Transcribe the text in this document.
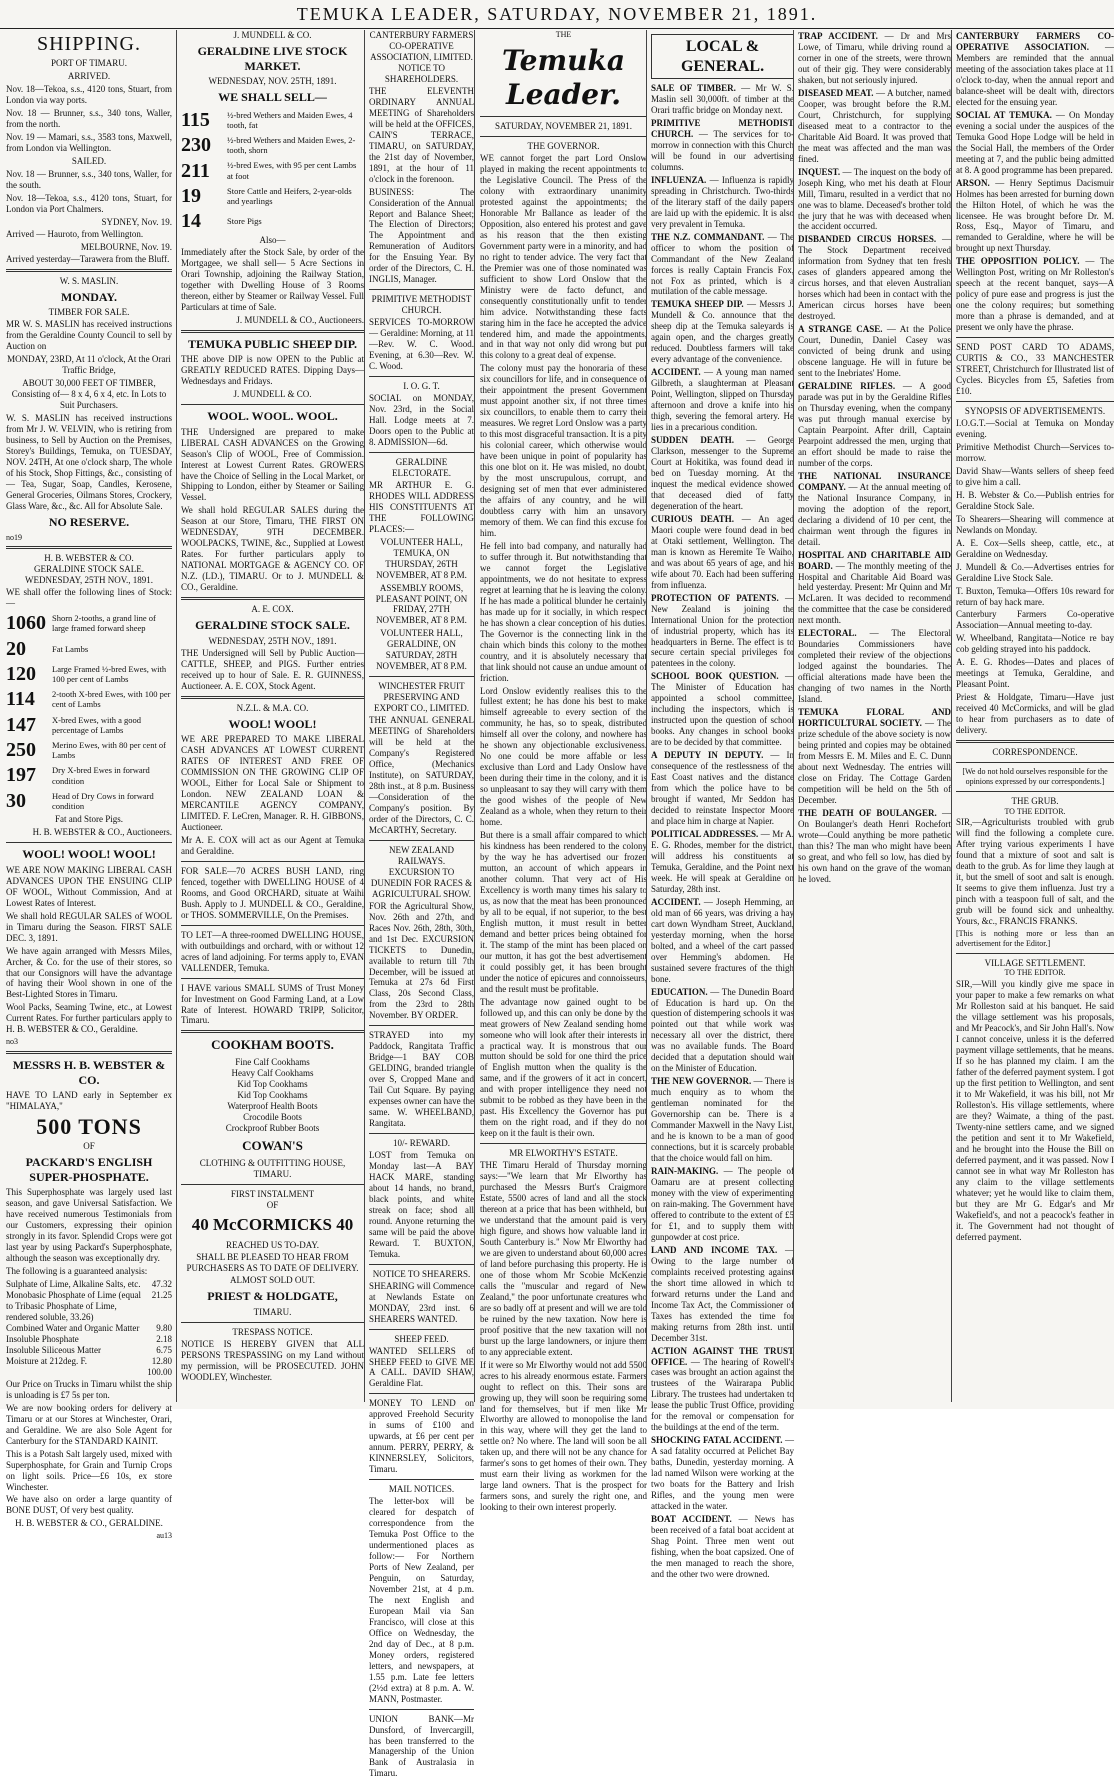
TEMUKA LEADER, SATURDAY, NOVEMBER 21, 1891.
SHIPPING.
PORT OF TIMARU.
ARRIVED.

Nov. 18—Tekoa, s.s., 4120 tons, Stuart, from London via way ports.

Nov. 18 — Brunner, s.s., 340 tons, Waller, from the north.

Nov. 19 — Mamari, s.s., 3583 tons, Maxwell, from London via Wellington.

SAILED.

Nov. 18 — Brunner, s.s., 340 tons, Waller, for the south.

Nov. 18—Tekoa, s.s., 4120 tons, Stuart, for London via Port Chalmers.

SYDNEY, Nov. 19.

Arrived — Hauroto, from Wellington.

MELBOURNE, Nov. 19.

Arrived yesterday—Tarawera from the Bluff.

W. S. MASLIN.
MONDAY.
TIMBER FOR SALE.

MR W. S. MASLIN has received instructions from the Geraldine County Council to sell by Auction on

MONDAY, 23RD, At 11 o'clock, At the Orari Traffic Bridge,

ABOUT 30,000 FEET OF TIMBER, Consisting of— 8 x 4, 6 x 4, etc. In Lots to Suit Purchasers.

W. S. MASLIN has received instructions from Mr J. W. VELVIN, who is retiring from business, to Sell by Auction on the Premises, Storey's Buildings, Temuka, on TUESDAY, NOV. 24TH, At one o'clock sharp, The whole of his Stock, Shop Fittings, &c., consisting of— Tea, Sugar, Soap, Candles, Kerosene, General Groceries, Oilmans Stores, Crockery, Glass Ware, &c., &c. All for Absolute Sale.

NO RESERVE.
no19
H. B. WEBSTER & CO.
GERALDINE STOCK SALE.
WEDNESDAY, 25TH NOV., 1891.

WE shall offer the following lines of Stock:—

1060 Shorn 2-tooths, a grand line of large framed forward sheep
20	Fat Lambs
120	Large Framed ½-bred Ewes, with 100 per cent of Lambs
114	2-tooth X-bred Ewes, with 100 per cent of Lambs
147	X-bred Ewes, with a good percentage of Lambs
250	Merino Ewes, with 80 per cent of Lambs
197	Dry X-bred Ewes in forward condition
30	Head of Dry Cows in forward condition

Fat and Store Pigs.

H. B. WEBSTER & CO., Auctioneers.

WOOL! WOOL! WOOL!

WE ARE NOW MAKING LIBERAL CASH ADVANCES UPON THE ENSUING CLIP OF WOOL, Without Commission, And at Lowest Rates of Interest.

We shall hold REGULAR SALES of WOOL in Timaru during the Season. FIRST SALE DEC. 3, 1891.

We have again arranged with Messrs Miles, Archer, & Co. for the use of their stores, so that our Consignors will have the advantage of having their Wool shown in one of the Best-Lighted Stores in Timaru.

Wool Packs, Seaming Twine, etc., at Lowest Current Rates. For further particulars apply to H. B. WEBSTER & CO., Geraldine.

no3
MESSRS H. B. WEBSTER & CO.

HAVE TO LAND early in September ex "HIMALAYA,"

500 TONS
OF
PACKARD'S ENGLISH SUPER-PHOSPHATE.

This Superphosphate was largely used last season, and gave Universal Satisfaction. We have received numerous Testimonials from our Customers, expressing their opinion strongly in its favor. Splendid Crops were got last year by using Packard's Superphosphate, although the season was exceptionally dry.

The following is a guaranteed analysis:

Sulphate of Lime, Alkaline Salts, etc. 47.32
Monobasic Phosphate of Lime (equal to Tribasic Phosphate of Lime, rendered soluble, 33.26)
21.25
Combined Water and Organic Matter 9.80
Insoluble Phosphate	2.18
Insoluble Siliceous Matter	6.75
Moisture at 212deg. F.	12.80
100.00

Our Price on Trucks in Timaru whilst the ship is unloading is £7 5s per ton.

We are now booking orders for delivery at Timaru or at our Stores at Winchester, Orari, and Geraldine. We are also Sole Agent for Canterbury for the STANDARD KAINIT.

This is a Potash Salt largely used, mixed with Superphosphate, for Grain and Turnip Crops on light soils. Price—£6 10s, ex store Winchester.

We have also on order a large quantity of BONE DUST, Of very best quality.

H. B. WEBSTER & CO., GERALDINE.

au13
J. MUNDELL & CO.
GERALDINE LIVE STOCK MARKET.
WEDNESDAY, NOV. 25TH, 1891.
WE SHALL SELL—
115	½-bred Wethers and Maiden Ewes, 4 tooth, fat
230	½-bred Wethers and Maiden Ewes, 2-tooth, shorn
211	½-bred Ewes, with 95 per cent Lambs at foot
19	Store Cattle and Heifers, 2-year-olds and yearlings
14	Store Pigs
Also—

Immediately after the Stock Sale, by order of the Mortgagee, we shall sell— 5 Acre Sections in Orari Township, adjoining the Railway Station, together with Dwelling House of 3 Rooms thereon, either by Steamer or Railway Vessel. Full Particulars at time of Sale.

J. MUNDELL & CO., Auctioneers.

TEMUKA PUBLIC SHEEP DIP.

THE above DIP is now OPEN to the Public at GREATLY REDUCED RATES. Dipping Days—Wednesdays and Fridays.

J. MUNDELL & CO.

WOOL. WOOL. WOOL.

THE Undersigned are prepared to make LIBERAL CASH ADVANCES on the Growing Season's Clip of WOOL, Free of Commission. Interest at Lowest Current Rates. GROWERS have the Choice of Selling in the Local Market, or Shipping to London, either by Steamer or Sailing Vessel.

We shall hold REGULAR SALES during the Season at our Store, Timaru, THE FIRST ON WEDNESDAY, 9TH DECEMBER. WOOLPACKS, TWINE, &c., Supplied at Lowest Rates. For further particulars apply to NATIONAL MORTGAGE & AGENCY CO. OF N.Z. (LD.), TIMARU. Or to J. MUNDELL & CO., Geraldine.

A. E. COX.
GERALDINE STOCK SALE.
WEDNESDAY, 25TH NOV., 1891.

THE Undersigned will Sell by Public Auction— CATTLE, SHEEP, and PIGS. Further entries received up to hour of Sale. E. R. GUINNESS, Auctioneer. A. E. COX, Stock Agent.

N.Z.L. & M.A. CO.
WOOL! WOOL!

WE ARE PREPARED TO MAKE LIBERAL CASH ADVANCES AT LOWEST CURRENT RATES OF INTEREST AND FREE OF COMMISSION ON THE GROWING CLIP OF WOOL, Either for Local Sale or Shipment to London. NEW ZEALAND LOAN & MERCANTILE AGENCY COMPANY, LIMITED. F. LeCren, Manager. R. H. GIBBONS, Auctioneer.

Mr A. E. COX will act as our Agent at Temuka and Geraldine.

FOR SALE—70 ACRES BUSH LAND, ring fenced, together with DWELLING HOUSE of 4 Rooms, and Good ORCHARD, situate at Waihi Bush. Apply to J. MUNDELL & CO., Geraldine, or THOS. SOMMERVILLE, On the Premises.

TO LET—A three-roomed DWELLING HOUSE, with outbuildings and orchard, with or without 12 acres of land adjoining. For terms apply to, EVAN VALLENDER, Temuka.

I HAVE various SMALL SUMS of Trust Money for Investment on Good Farming Land, at a Low Rate of Interest. HOWARD TRIPP, Solicitor, Timaru.

COOKHAM BOOTS.
Fine Calf Cookhams
Heavy Calf Cookhams
Kid Top Cookhams
Kid Top Cookhams
Waterproof Health Boots
Crocodile Boots
Crockproof Rubber Boots
COWAN'S
CLOTHING & OUTFITTING HOUSE, TIMARU.
FIRST INSTALMENT
OF
40 McCORMICKS 40
REACHED US TO-DAY.

SHALL BE PLEASED TO HEAR FROM PURCHASERS AS TO DATE OF DELIVERY.

ALMOST SOLD OUT.
PRIEST & HOLDGATE,
TIMARU.
TRESPASS NOTICE.

NOTICE IS HEREBY GIVEN that ALL PERSONS TRESPASSING on my Land without my permission, will be PROSECUTED. JOHN WOODLEY, Winchester.

CANTERBURY FARMERS CO-OPERATIVE ASSOCIATION, LIMITED.
NOTICE TO SHAREHOLDERS.

THE ELEVENTH ORDINARY ANNUAL MEETING of Shareholders will be held at the OFFICES, CAIN'S TERRACE, TIMARU, on SATURDAY, the 21st day of November, 1891, at the hour of 11 o'clock in the forenoon.

BUSINESS: The Consideration of the Annual Report and Balance Sheet; The Election of Directors; The Appointment and Remuneration of Auditors for the Ensuing Year. By order of the Directors, C. H. INGLIS, Manager.

PRIMITIVE METHODIST CHURCH.

SERVICES TO-MORROW— Geraldine: Morning, at 11—Rev. W. C. Wood. Evening, at 6.30—Rev. W. C. Wood.

I. O. G. T.

SOCIAL on MONDAY, Nov. 23rd, in the Social Hall. Lodge meets at 7. Doors open to the Public at 8. ADMISSION—6d.

GERALDINE ELECTORATE.

MR ARTHUR E. G. RHODES WILL ADDRESS HIS CONSTITUENTS AT THE FOLLOWING PLACES:—

VOLUNTEER HALL, TEMUKA, ON THURSDAY, 26TH NOVEMBER, AT 8 P.M.

ASSEMBLY ROOMS, PLEASANT POINT, ON FRIDAY, 27TH NOVEMBER, AT 8 P.M.

VOLUNTEER HALL, GERALDINE, ON SATURDAY, 28TH NOVEMBER, AT 8 P.M.

WINCHESTER FRUIT PRESERVING AND EXPORT CO., LIMITED.

THE ANNUAL GENERAL MEETING of Shareholders will be held at the Company's Registered Office, (Mechanics Institute), on SATURDAY, 28th inst., at 8 p.m. Business—Consideration of the Company's position. By order of the Directors, C. C. McCARTHY, Secretary.

NEW ZEALAND RAILWAYS.
EXCURSION TO DUNEDIN FOR RACES & AGRICULTURAL SHOW.

FOR the Agricultural Show, Nov. 26th and 27th, and Races Nov. 26th, 28th, 30th, and 1st Dec. EXCURSION TICKETS to Dunedin, available to return till 7th December, will be issued at Temuka at 27s 6d First Class, 20s Second Class, from the 23rd to 28th November. BY ORDER.

STRAYED into my Paddock, Rangitata Traffic Bridge—1 BAY COB GELDING, branded triangle over S, Cropped Mane and Tail Cut Square. By paying expenses owner can have the same. W. WHEELBAND, Rangitata.

10/- REWARD.

LOST from Temuka on Monday last—A BAY HACK MARE, standing about 14 hands, no brand, black points, and white streak on face; shod all round. Anyone returning the same will be paid the above Reward. T. BUXTON, Temuka.

NOTICE TO SHEARERS.

SHEARING will Commence at Newlands Estate on MONDAY, 23rd inst. 6 SHEARERS WANTED.

SHEEP FEED.

WANTED SELLERS of SHEEP FEED to GIVE ME A CALL. DAVID SHAW, Geraldine Flat.

MONEY TO LEND on approved Freehold Security in sums of £100 and upwards, at £6 per cent per annum. PERRY, PERRY, & KINNERSLEY, Solicitors, Timaru.

MAIL NOTICES.

The letter-box will be cleared for despatch of correspondence from the Temuka Post Office to the undermentioned places as follow:— For Northern Ports of New Zealand, per Penguin, on Saturday, November 21st, at 4 p.m. The next English and European Mail via San Francisco, will close at this Office on Wednesday, the 2nd day of Dec., at 8 p.m. Money orders, registered letters, and newspapers, at 1.55 p.m. Late fee letters (2½d extra) at 8 p.m. A. W. MANN, Postmaster.

UNION BANK—Mr Dunsford, of Invercargill, has been transferred to the Managership of the Union Bank of Australasia in Timaru.

THE
Temuka Leader.
SATURDAY, NOVEMBER 21, 1891.
THE GOVERNOR.

WE cannot forget the part Lord Onslow played in making the recent appointments to the Legislative Council. The Press of the colony with extraordinary unanimity protested against the appointments; the Honorable Mr Ballance as leader of the Opposition, also entered his protest and gave as his reason that the then existing Government party were in a minority, and had no right to tender advice. The very fact that the Premier was one of those nominated was sufficient to show Lord Onslow that the Ministry were de facto defunct, and consequently constitutionally unfit to tender him advice. Notwithstanding these facts staring him in the face he accepted the advice tendered him, and made the appointments, and in that way not only did wrong but put this colony to a great deal of expense.

The colony must pay the honoraria of these six councillors for life, and in consequence of their appointment the present Government must appoint another six, if not three times six councillors, to enable them to carry their measures. We regret Lord Onslow was a party to this most disgraceful transaction. It is a pity his colonial career, which otherwise would have been unique in point of popularity has this one blot on it. He was misled, no doubt, by the most unscrupulous, corrupt, and designing set of men that ever administered the affairs of any country, and he will doubtless carry with him an unsavory memory of them. We can find this excuse for him.

He fell into bad company, and naturally had to suffer through it. But notwithstanding that we cannot forget the Legislative appointments, we do not hesitate to express regret at learning that he is leaving the colony. If he has made a political blunder he certainly has made up for it socially, in which respect he has shown a clear conception of his duties. The Governor is the connecting link in the chain which binds this colony to the mother country, and it is absolutely necessary that that link should not cause an undue amount of friction.

Lord Onslow evidently realises this to the fullest extent; he has done his best to make himself agreeable to every section of the community, he has, so to speak, distributed himself all over the colony, and nowhere has he shown any objectionable exclusiveness. No one could be more affable or less exclusive than Lord and Lady Onslow have been during their time in the colony, and it is so unpleasant to say they will carry with them the good wishes of the people of New Zealand as a whole, when they return to their home.

But there is a small affair compared to which his kindness has been rendered to the colony by the way he has advertised our frozen mutton, an account of which appears in another column. That very act of His Excellency is worth many times his salary to us, as now that the meat has been pronounced by all to be equal, if not superior, to the best English mutton, it must result in better demand and better prices being obtained for it. The stamp of the mint has been placed on our mutton, it has got the best advertisement it could possibly get, it has been brought under the notice of epicures and connoisseurs, and the result must be profitable.

The advantage now gained ought to be followed up, and this can only be done by the meat growers of New Zealand sending home someone who will look after their interests in a practical way. It is monstrous that our mutton should be sold for one third the price of English mutton when the quality is the same, and if the growers of it act in concert, and with proper intelligence they need not submit to be robbed as they have been in the past. His Excellency the Governor has put them on the right road, and if they do not keep on it the fault is their own.

MR ELWORTHY'S ESTATE.

THE Timaru Herald of Thursday morning says:—"We learn that Mr Elworthy has purchased the Messrs Burt's Craigmore Estate, 5500 acres of land and all the stock thereon at a price that has been withheld, but we understand that the amount paid is very high figure, and shows how valuable land in South Canterbury is." Now Mr Elworthy had we are given to understand about 60,000 acres of land before purchasing this property. He is one of those whom Mr Scobie McKenzie calls the "muscular and regard of New Zealand," the poor unfortunate creatures who are so badly off at present and will we are told be ruined by the new taxation. Now here is proof positive that the new taxation will not burst up the large landowners, or injure them to any appreciable extent.

If it were so Mr Elworthy would not add 5500 acres to his already enormous estate. Farmers ought to reflect on this. Their sons are growing up, they will soon be requiring some land for themselves, but if men like Mr Elworthy are allowed to monopolise the land in this way, where will they get the land to settle on? No where. The land will soon be all taken up, and there will not be any chance for farmer's sons to get homes of their own. They must earn their living as workmen for the large land owners. That is the prospect for farmers sons, and surely the right one, and looking to their own interest properly.

LOCAL & GENERAL.

SALE OF TIMBER. — Mr W. S. Maslin sell 30,000ft. of timber at the Orari traffic bridge on Monday next.

PRIMITIVE METHODIST CHURCH. — The services for to-morrow in connection with this Church will be found in our advertising columns.

INFLUENZA. — Influenza is rapidly spreading in Christchurch. Two-thirds of the literary staff of the daily papers are laid up with the epidemic. It is also very prevalent in Temuka.

THE N.Z. COMMANDANT. — The officer to whom the position of Commandant of the New Zealand forces is really Captain Francis Fox, not Fox as printed, which is a mutilation of the cable message.

TEMUKA SHEEP DIP. — Messrs J. Mundell & Co. announce that the sheep dip at the Temuka saleyards is again open, and the charges greatly reduced. Doubtless farmers will take every advantage of the convenience.

ACCIDENT. — A young man named Gilbreth, a slaughterman at Pleasant Point, Wellington, slipped on Thursday afternoon and drove a knife into his thigh, severing the femoral artery. He lies in a precarious condition.

SUDDEN DEATH. — George Clarkson, messenger to the Supreme Court at Hokitika, was found dead in bed on Tuesday morning. At the inquest the medical evidence showed that deceased died of fatty degeneration of the heart.

CURIOUS DEATH. — An aged Maori couple were found dead in bed at Otaki settlement, Wellington. The man is known as Heremite Te Waiho, and was about 65 years of age, and his wife about 70. Each had been suffering from influenza.

PROTECTION OF PATENTS. — New Zealand is joining the International Union for the protection of industrial property, which has its headquarters in Berne. The effect is to secure certain special privileges for patentees in the colony.

SCHOOL BOOK QUESTION. — The Minister of Education has appointed a school committee, including the inspectors, which is instructed upon the question of school books. Any changes in school books are to be decided by that committee.

A DEPUTY IN DEPUTY. — In consequence of the restlessness of the East Coast natives and the distance from which the police have to be brought if wanted, Mr Seddon has decided to reinstate Inspector Moore and place him in charge at Napier.

POLITICAL ADDRESSES. — Mr A. E. G. Rhodes, member for the district, will address his constituents at Temuka, Geraldine, and the Point next week. He will speak at Geraldine on Saturday, 28th inst.

ACCIDENT. — Joseph Hemming, an old man of 66 years, was driving a hay cart down Wyndham Street, Auckland, yesterday morning, when the horse bolted, and a wheel of the cart passed over Hemming's abdomen. He sustained severe fractures of the thigh bone.

EDUCATION. — The Dunedin Board of Education is hard up. On the question of distempering schools it was pointed out that while work was necessary all over the district, there was no available funds. The Board decided that a deputation should wait on the Minister of Education.

THE NEW GOVERNOR. — There is much enquiry as to whom the gentleman nominated for the Governorship can be. There is a Commander Maxwell in the Navy List, and he is known to be a man of good connections, but it is scarcely probable that the choice would fall on him.

RAIN-MAKING. — The people of Oamaru are at present collecting money with the view of experimenting on rain-making. The Government have offered to contribute to the extent of £5 for £1, and to supply them with gunpowder at cost price.

LAND AND INCOME TAX. — Owing to the large number of complaints received protesting against the short time allowed in which to forward returns under the Land and Income Tax Act, the Commissioner of Taxes has extended the time for making returns from 28th inst. until December 31st.

ACTION AGAINST THE TRUST OFFICE. — The hearing of Rowell's cases was brought an action against the trustees of the Wairarapa Public Library. The trustees had undertaken to lease the public Trust Office, providing for the removal or compensation for the buildings at the end of the term.

SHOCKING FATAL ACCIDENT. — A sad fatality occurred at Pelichet Bay baths, Dunedin, yesterday morning. A lad named Wilson were working at the two boats for the Battery and Irish Rifles, and the young men were attacked in the water.

BOAT ACCIDENT. — News has been received of a fatal boat accident at Shag Point. Three men went out fishing, when the boat capsized. One of the men managed to reach the shore, and the other two were drowned.

TRAP ACCIDENT. — Dr and Mrs Lowe, of Timaru, while driving round a corner in one of the streets, were thrown out of their gig. They were considerably shaken, but not seriously injured.

DISEASED MEAT. — A butcher, named Cooper, was brought before the R.M. Court, Christchurch, for supplying diseased meat to a contractor to the Charitable Aid Board. It was proved that the meat was affected and the man was fined.

INQUEST. — The inquest on the body of Joseph King, who met his death at Flour Mill, Timaru, resulted in a verdict that no one was to blame. Deceased's brother told the jury that he was with deceased when the accident occurred.

DISBANDED CIRCUS HORSES. — The Stock Department received information from Sydney that ten fresh cases of glanders appeared among the circus horses, and that eleven Australian horses which had been in contact with the American circus horses have been destroyed.

A STRANGE CASE. — At the Police Court, Dunedin, Daniel Casey was convicted of being drunk and using obscene language. He will in future be sent to the Inebriates' Home.

GERALDINE RIFLES. — A good parade was put in by the Geraldine Rifles on Thursday evening, when the company was put through manual exercise by Captain Pearpoint. After drill, Captain Pearpoint addressed the men, urging that an effort should be made to raise the number of the corps.

THE NATIONAL INSURANCE COMPANY. — At the annual meeting of the National Insurance Company, in moving the adoption of the report, declaring a dividend of 10 per cent, the chairman went through the figures in detail.

HOSPITAL AND CHARITABLE AID BOARD. — The monthly meeting of the Hospital and Charitable Aid Board was held yesterday. Present: Mr Quinn and Mr McLaren. It was decided to recommend the committee that the case be considered next month.

ELECTORAL. — The Electoral Boundaries Commissioners have completed their review of the objections lodged against the boundaries. The official alterations made have been the changing of two names in the North Island.

TEMUKA FLORAL AND HORTICULTURAL SOCIETY. — The prize schedule of the above society is now being printed and copies may be obtained from Messrs E. M. Miles and E. C. Dunn about next Wednesday. The entries will close on Friday. The Cottage Garden competition will be held on the 5th of December.

THE DEATH OF BOULANGER. — On Boulanger's death Henri Rochefort wrote—Could anything be more pathetic than this? The man who might have been so great, and who fell so low, has died by his own hand on the grave of the woman he loved.

CANTERBURY FARMERS CO-OPERATIVE ASSOCIATION. — Members are reminded that the annual meeting of the association takes place at 11 o'clock to-day, when the annual report and balance-sheet will be dealt with, directors elected for the ensuing year.

SOCIAL AT TEMUKA. — On Monday evening a social under the auspices of the Temuka Good Hope Lodge will be held in the Social Hall, the members of the Order meeting at 7, and the public being admitted at 8. A good programme has been prepared.

ARSON. — Henry Septimus Dacismuir Holmes has been arrested for burning down the Hilton Hotel, of which he was the licensee. He was brought before Dr. M. Ross, Esq., Mayor of Timaru, and remanded to Geraldine, where he will be brought up next Thursday.

THE OPPOSITION POLICY. — The Wellington Post, writing on Mr Rolleston's speech at the recent banquet, says—A policy of pure ease and progress is just the one the colony requires; but something more than a phrase is demanded, and at present we only have the phrase.

SEND POST CARD TO ADAMS, CURTIS & CO., 33 MANCHESTER STREET, Christchurch for Illustrated list of Cycles. Bicycles from £5, Safeties from £10.

SYNOPSIS OF ADVERTISEMENTS.

I.O.G.T.—Social at Temuka on Monday evening.

Primitive Methodist Church—Services to-morrow.

David Shaw—Wants sellers of sheep feed to give him a call.

H. B. Webster & Co.—Publish entries for Geraldine Stock Sale.

To Shearers—Shearing will commence at Newlands on Monday.

A. E. Cox—Sells sheep, cattle, etc., at Geraldine on Wednesday.

J. Mundell & Co.—Advertises entries for Geraldine Live Stock Sale.

T. Buxton, Temuka—Offers 10s reward for return of bay hack mare.

Canterbury Farmers Co-operative Association—Annual meeting to-day.

W. Wheelband, Rangitata—Notice re bay cob gelding strayed into his paddock.

A. E. G. Rhodes—Dates and places of meetings at Temuka, Geraldine, and Pleasant Point.

Priest & Holdgate, Timaru—Have just received 40 McCormicks, and will be glad to hear from purchasers as to date of delivery.

CORRESPONDENCE.

[We do not hold ourselves responsible for the opinions expressed by our correspondents.]

THE GRUB.
TO THE EDITOR.

SIR,—Agriculturists troubled with grub will find the following a complete cure. After trying various experiments I have found that a mixture of soot and salt is death to the grub. As for lime they laugh at it, but the smell of soot and salt is enough. It seems to give them influenza. Just try a pinch with a teaspoon full of salt, and the grub will be found sick and unhealthy. Yours, &c., FRANCIS FRANKS.

[This is nothing more or less than an advertisement for the Editor.]

VILLAGE SETTLEMENT.
TO THE EDITOR.

SIR,—Will you kindly give me space in your paper to make a few remarks on what Mr Rolleston said at his banquet. He said the village settlement was his proposals, and Mr Peacock's, and Sir John Hall's. Now I cannot conceive, unless it is the deferred payment village settlements, that he means. If so he has planned my claim. I am the father of the deferred payment system. I got up the first petition to Wellington, and sent it to Mr Wakefield, it was his bill, not Mr Rolleston's. His village settlements, where are they? Waimate, a thing of the past. Twenty-nine settlers came, and we signed the petition and sent it to Mr Wakefield, and he brought into the House the Bill on deferred payment, and it was passed. Now I cannot see in what way Mr Rolleston has any claim to the village settlements whatever; yet he would like to claim them, but they are Mr G. Edgar's and Mr Wakefield's, and not a peacock's feather in it. The Government had not thought of deferred payment.
